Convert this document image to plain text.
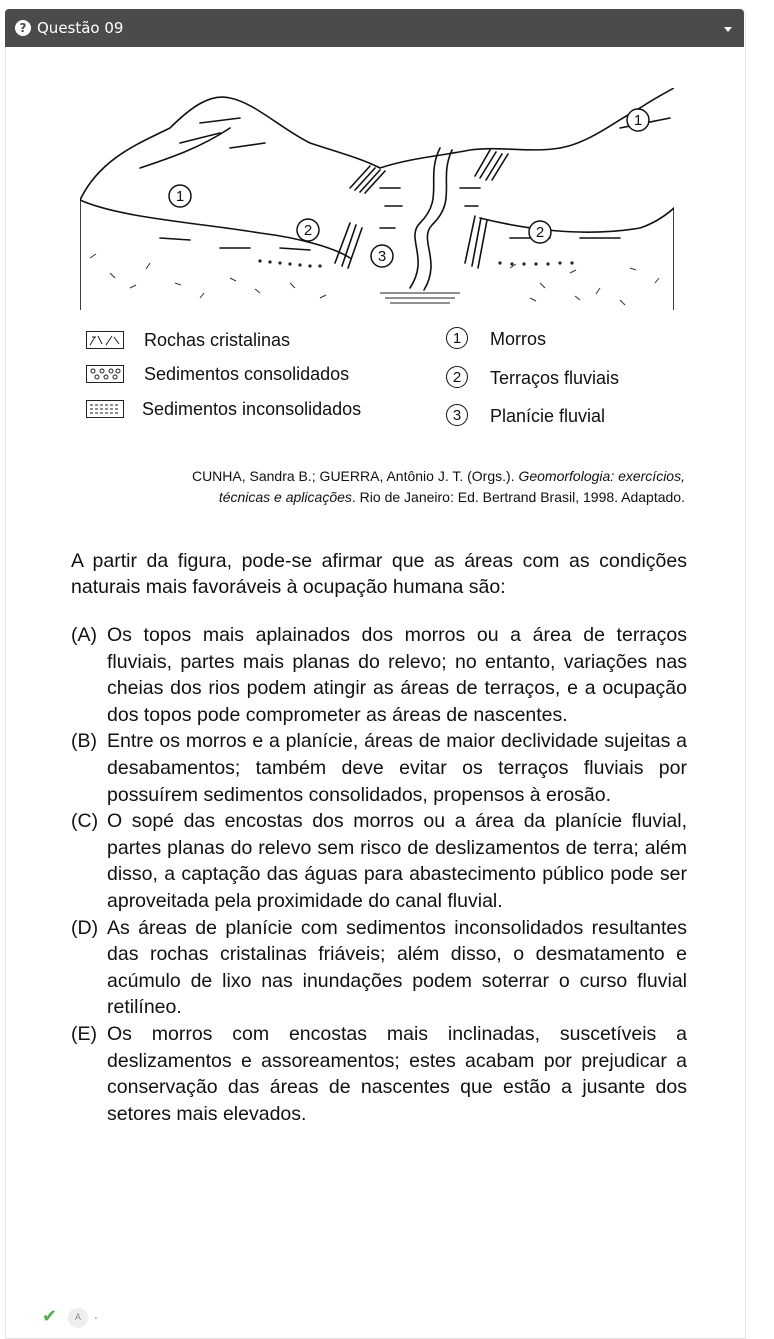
? Questão 09
1
1
2	2
3
Rochas cristalinas
Sedimentos consolidados
Sedimentos inconsolidados
1	Morros
2	Terraços fluviais
3	Planície fluvial
CUNHA, Sandra B.; GUERRA, Antônio J. T. (Orgs.). Geomorfologia: exercícios,
técnicas e aplicações. Rio de Janeiro: Ed. Bertrand Brasil, 1998. Adaptado.
A partir da figura, pode-se afirmar que as áreas com as condições naturais mais favoráveis à ocupação humana são:
(A) Os topos mais aplainados dos morros ou a área de terraços fluviais, partes mais planas do relevo; no entanto, variações nas cheias dos rios podem atingir as áreas de terraços, e a ocupação dos topos pode comprometer as áreas de nascentes.
(B) Entre os morros e a planície, áreas de maior declividade sujeitas a desabamentos; também deve evitar os terraços fluviais por possuírem sedimentos consolidados, propensos à erosão.
(C) O sopé das encostas dos morros ou a área da planície fluvial, partes planas do relevo sem risco de deslizamentos de terra; além disso, a captação das águas para abastecimento público pode ser aproveitada pela proximidade do canal fluvial.
(D) As áreas de planície com sedimentos inconsolidados resultantes das rochas cristalinas friáveis; além disso, o desmatamento e acúmulo de lixo nas inundações podem soterrar o curso fluvial retilíneo.
(E) Os morros com encostas mais inclinadas, suscetíveis a deslizamentos e assoreamentos; estes acabam por prejudicar a conservação das áreas de nascentes que estão a jusante dos setores mais elevados.
✔	A	.
